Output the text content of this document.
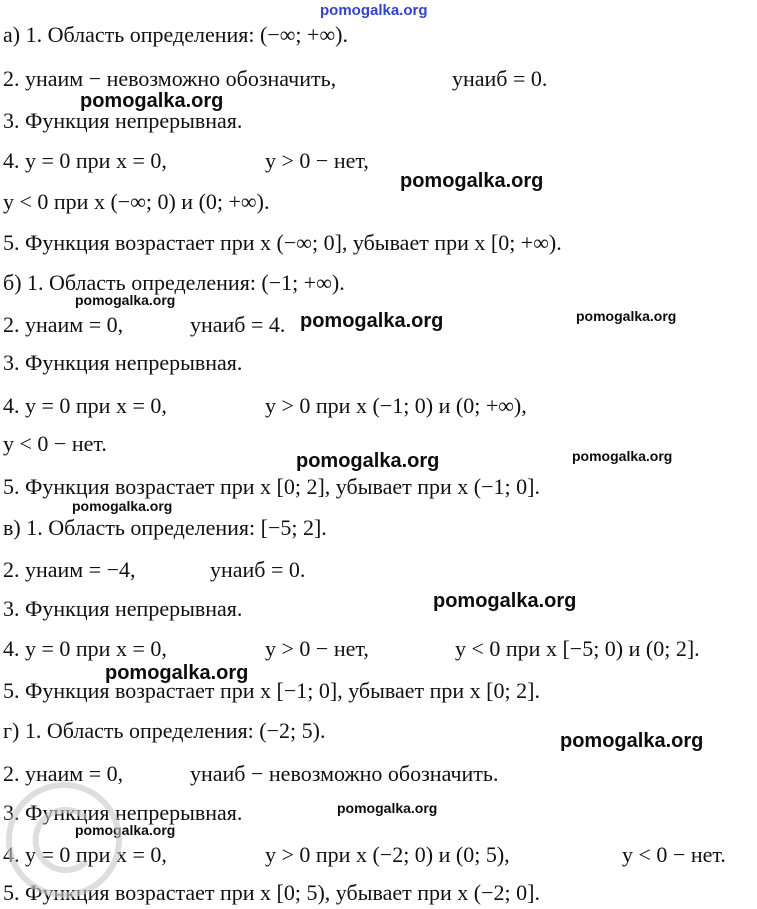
pomogalka.org
а) 1. Область определения: (−∞; +∞).
2. yнаим − невозможно обозначить,	yнаиб = 0.
3. Функция непрерывная.
4. y = 0 при x = 0,	y > 0 − нет,
y < 0 при x (−∞; 0) и (0; +∞).
5. Функция возрастает при x (−∞; 0], убывает при x [0; +∞).
б) 1. Область определения: (−1; +∞).
2. yнаим = 0,	yнаиб = 4.
3. Функция непрерывная.
4. y = 0 при x = 0,	y > 0 при x (−1; 0) и (0; +∞),
y < 0 − нет.
5. Функция возрастает при x [0; 2], убывает при x (−1; 0].
в) 1. Область определения: [−5; 2].
2. yнаим = −4,	yнаиб = 0.
3. Функция непрерывная.
4. y = 0 при x = 0,	y > 0 − нет,	y < 0 при x [−5; 0) и (0; 2].
5. Функция возрастает при x [−1; 0], убывает при x [0; 2].
г) 1. Область определения: (−2; 5).
2. yнаим = 0,	yнаиб − невозможно обозначить.
3. Функция непрерывная.
4. y = 0 при x = 0,	y > 0 при x (−2; 0) и (0; 5),	y < 0 − нет.
5. Функция возрастает при x [0; 5), убывает при x (−2; 0].
pomogalka.org
pomogalka.org
pomogalka.org
pomogalka.org	pomogalka.org
pomogalka.org	pomogalka.org
pomogalka.org
pomogalka.org
pomogalka.org
pomogalka.org
pomogalka.org
pomogalka.org
